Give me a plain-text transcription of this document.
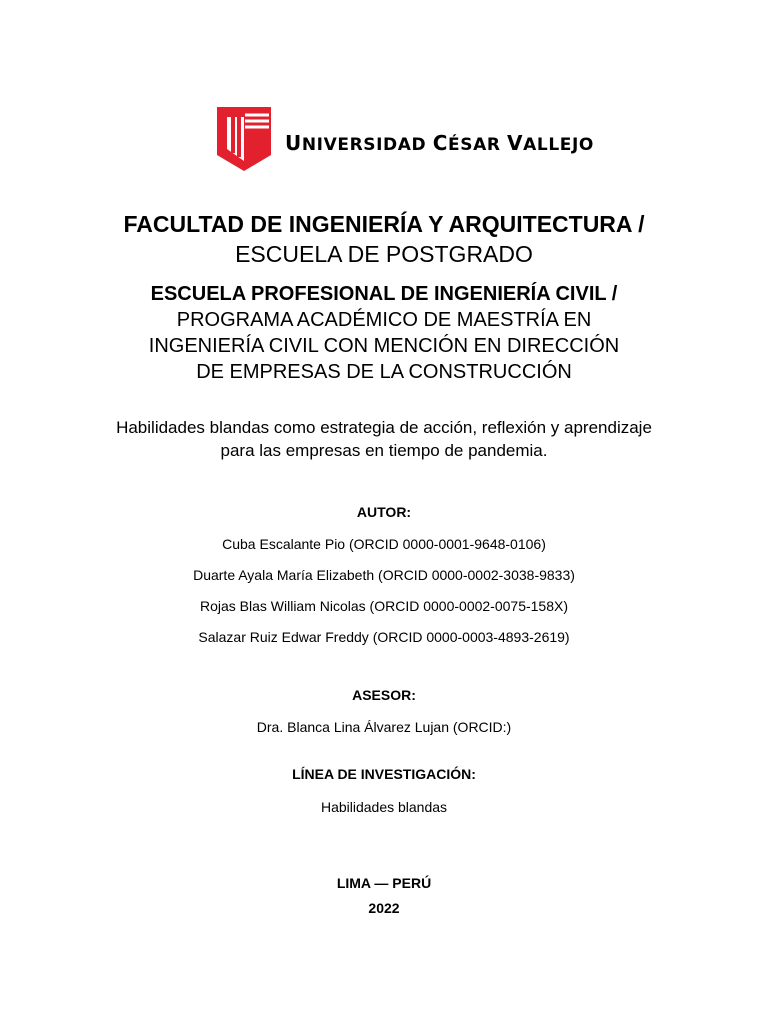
UNIVERSIDAD CÉSAR VALLEJO
FACULTAD DE INGENIERÍA Y ARQUITECTURA /
ESCUELA DE POSTGRADO
ESCUELA PROFESIONAL DE INGENIERÍA CIVIL /
PROGRAMA ACADÉMICO DE MAESTRÍA EN
INGENIERÍA CIVIL CON MENCIÓN EN DIRECCIÓN
DE EMPRESAS DE LA CONSTRUCCIÓN
Habilidades blandas como estrategia de acción, reflexión y aprendizaje
para las empresas en tiempo de pandemia.
AUTOR:
Cuba Escalante Pio (ORCID 0000-0001-9648-0106)
Duarte Ayala María Elizabeth (ORCID 0000-0002-3038-9833)
Rojas Blas William Nicolas (ORCID 0000-0002-0075-158X)
Salazar Ruiz Edwar Freddy (ORCID 0000-0003-4893-2619)
ASESOR:
Dra. Blanca Lina Álvarez Lujan (ORCID:)
LÍNEA DE INVESTIGACIÓN:
Habilidades blandas
LIMA — PERÚ
2022
